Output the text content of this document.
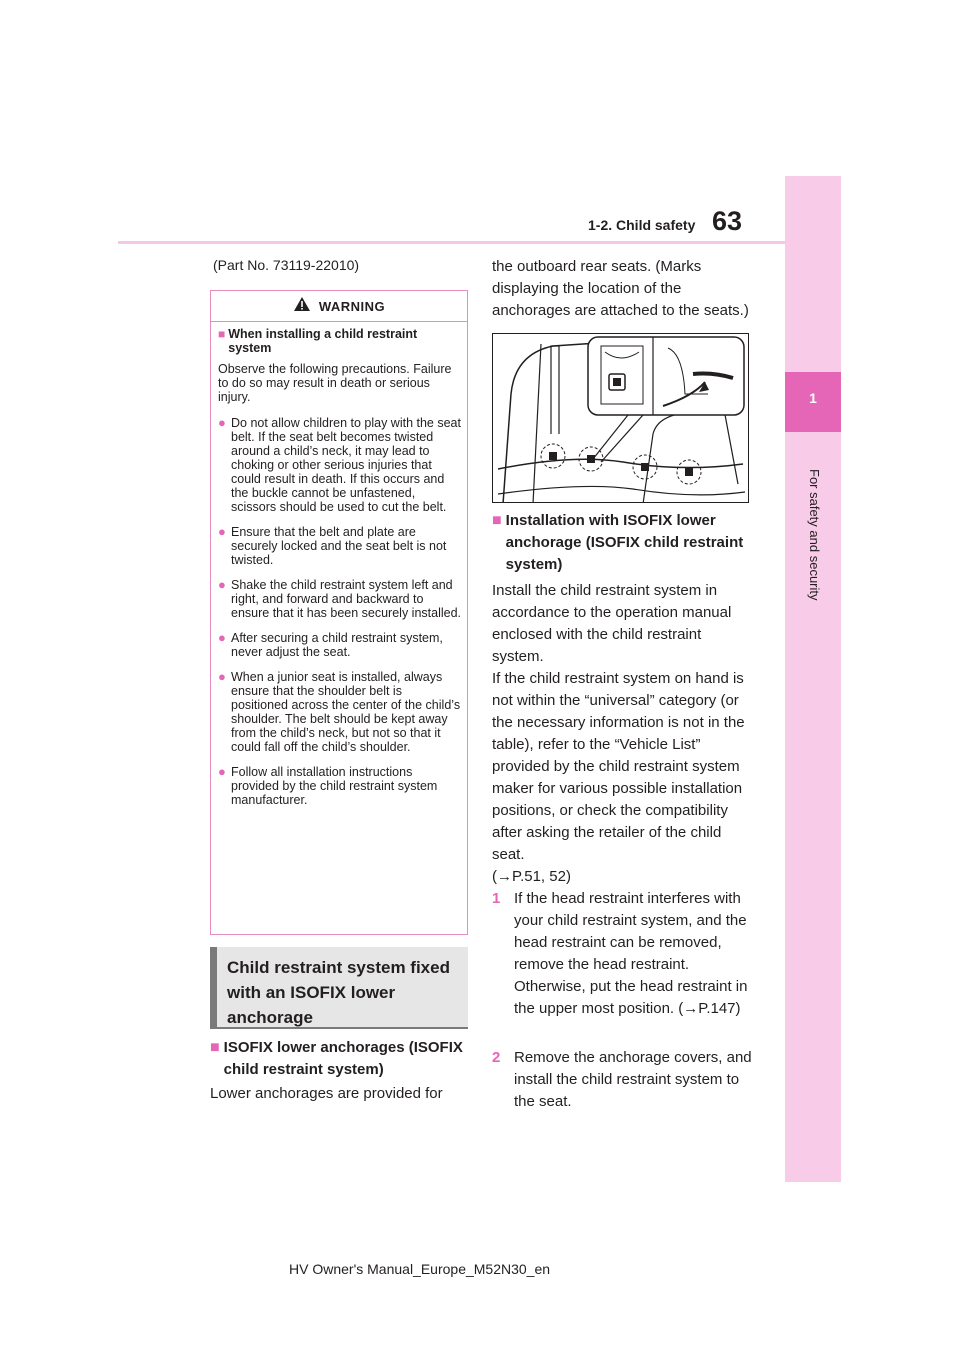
63
1-2. Child safety
1
For safety and security
(Part No. 73119-22010)
WARNING
■ When installing a child restraint system
Observe the following precautions. Failure to do so may result in death or serious injury.
● Do not allow children to play with the seat belt. If the seat belt becomes twisted around a child’s neck, it may lead to choking or other serious injuries that could result in death. If this occurs and the buckle cannot be unfastened, scissors should be used to cut the belt.
● Ensure that the belt and plate are securely locked and the seat belt is not twisted.
● Shake the child restraint system left and right, and forward and backward to ensure that it has been securely installed.
● After securing a child restraint system, never adjust the seat.
● When a junior seat is installed, always ensure that the shoulder belt is positioned across the center of the child’s shoulder. The belt should be kept away from the child’s neck, but not so that it could fall off the child’s shoulder.
● Follow all installation instructions provided by the child restraint system manufacturer.
Child restraint system fixed with an ISOFIX lower anchorage
■ ISOFIX lower anchorages (ISOFIX child restraint system)
Lower anchorages are provided for
the outboard rear seats. (Marks displaying the location of the anchorages are attached to the seats.)
■ Installation with ISOFIX lower anchorage (ISOFIX child restraint system)
Install the child restraint system in accordance to the operation manual enclosed with the child restraint system.
If the child restraint system on hand is not within the “universal” category (or the necessary information is not in the table), refer to the “Vehicle List” provided by the child restraint system maker for various possible installation positions, or check the compatibility after asking the retailer of the child seat.
(→P.51, 52)
1 If the head restraint interferes with your child restraint system, and the head restraint can be removed, remove the head restraint. Otherwise, put the head restraint in the upper most position. (→P.147)
2 Remove the anchorage covers, and install the child restraint system to the seat.
HV Owner's Manual_Europe_M52N30_en
